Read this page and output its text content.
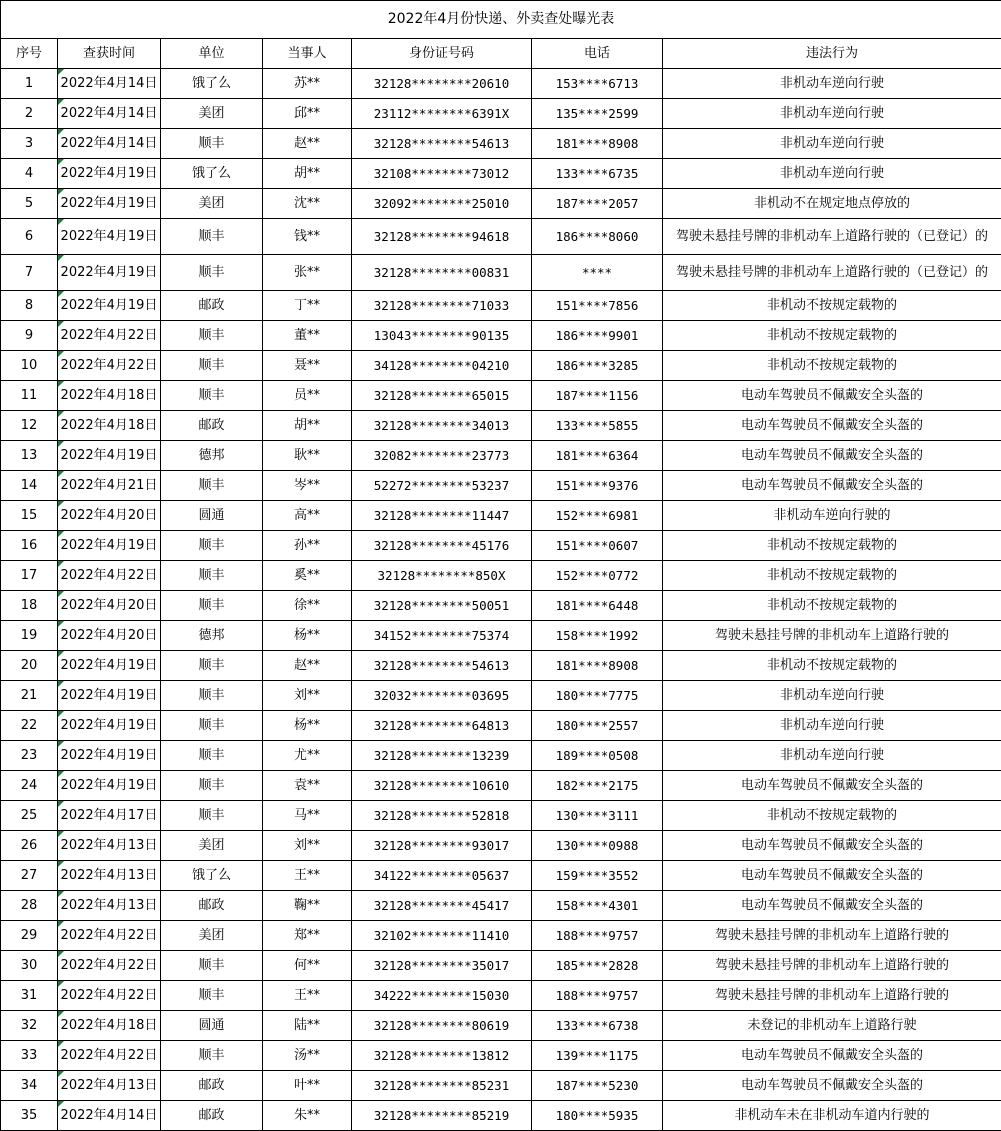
2022年4月份快递、外卖查处曝光表						
序号	查获时间	单位	当事人	身份证号码	电话	违法行为
1	2022年4月14日	饿了么	苏**	32128********20610	153****6713	非机动车逆向行驶
2	2022年4月14日	美团	邱**	23112********6391X	135****2599	非机动车逆向行驶
3	2022年4月14日	顺丰	赵**	32128********54613	181****8908	非机动车逆向行驶
4	2022年4月19日	饿了么	胡**	32108********73012	133****6735	非机动车逆向行驶
5	2022年4月19日	美团	沈**	32092********25010	187****2057	非机动不在规定地点停放的
6	2022年4月19日	顺丰	钱**	32128********94618	186****8060	驾驶未悬挂号牌的非机动车上道路行驶的（已登记）的
7	2022年4月19日	顺丰	张**	32128********00831	****	驾驶未悬挂号牌的非机动车上道路行驶的（已登记）的
8	2022年4月19日	邮政	丁**	32128********71033	151****7856	非机动不按规定载物的
9	2022年4月22日	顺丰	董**	13043********90135	186****9901	非机动不按规定载物的
10	2022年4月22日	顺丰	聂**	34128********04210	186****3285	非机动不按规定载物的
11	2022年4月18日	顺丰	员**	32128********65015	187****1156	电动车驾驶员不佩戴安全头盔的
12	2022年4月18日	邮政	胡**	32128********34013	133****5855	电动车驾驶员不佩戴安全头盔的
13	2022年4月19日	德邦	耿**	32082********23773	181****6364	电动车驾驶员不佩戴安全头盔的
14	2022年4月21日	顺丰	岑**	52272********53237	151****9376	电动车驾驶员不佩戴安全头盔的
15	2022年4月20日	圆通	高**	32128********11447	152****6981	非机动车逆向行驶的
16	2022年4月19日	顺丰	孙**	32128********45176	151****0607	非机动不按规定载物的
17	2022年4月22日	顺丰	奚**	32128********850X	152****0772	非机动不按规定载物的
18	2022年4月20日	顺丰	徐**	32128********50051	181****6448	非机动不按规定载物的
19	2022年4月20日	德邦	杨**	34152********75374	158****1992	驾驶未悬挂号牌的非机动车上道路行驶的
20	2022年4月19日	顺丰	赵**	32128********54613	181****8908	非机动不按规定载物的
21	2022年4月19日	顺丰	刘**	32032********03695	180****7775	非机动车逆向行驶
22	2022年4月19日	顺丰	杨**	32128********64813	180****2557	非机动车逆向行驶
23	2022年4月19日	顺丰	尤**	32128********13239	189****0508	非机动车逆向行驶
24	2022年4月19日	顺丰	袁**	32128********10610	182****2175	电动车驾驶员不佩戴安全头盔的
25	2022年4月17日	顺丰	马**	32128********52818	130****3111	非机动不按规定载物的
26	2022年4月13日	美团	刘**	32128********93017	130****0988	电动车驾驶员不佩戴安全头盔的
27	2022年4月13日	饿了么	王**	34122********05637	159****3552	电动车驾驶员不佩戴安全头盔的
28	2022年4月13日	邮政	鞠**	32128********45417	158****4301	电动车驾驶员不佩戴安全头盔的
29	2022年4月22日	美团	郑**	32102********11410	188****9757	驾驶未悬挂号牌的非机动车上道路行驶的
30	2022年4月22日	顺丰	何**	32128********35017	185****2828	驾驶未悬挂号牌的非机动车上道路行驶的
31	2022年4月22日	顺丰	王**	34222********15030	188****9757	驾驶未悬挂号牌的非机动车上道路行驶的
32	2022年4月18日	圆通	陆**	32128********80619	133****6738	未登记的非机动车上道路行驶
33	2022年4月22日	顺丰	汤**	32128********13812	139****1175	电动车驾驶员不佩戴安全头盔的
34	2022年4月13日	邮政	叶**	32128********85231	187****5230	电动车驾驶员不佩戴安全头盔的
35	2022年4月14日	邮政	朱**	32128********85219	180****5935	非机动车未在非机动车道内行驶的
